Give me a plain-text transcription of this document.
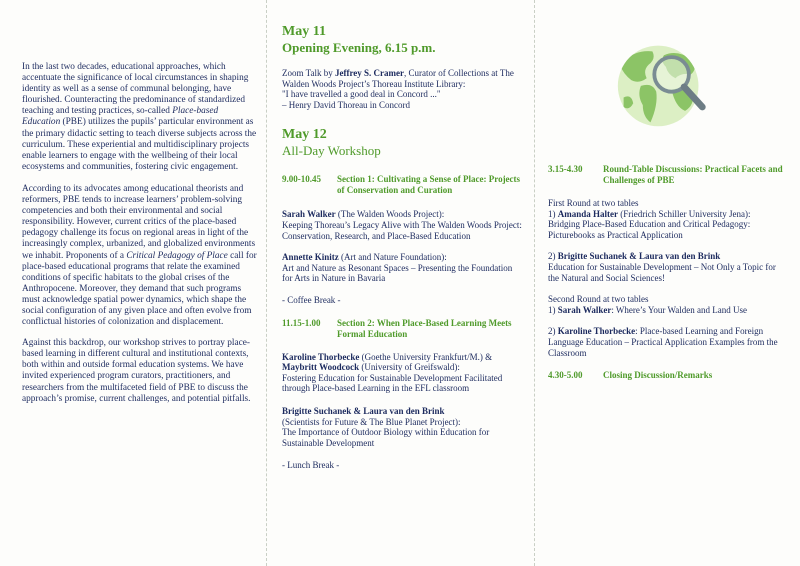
In the last two decades, educational approaches, which accentuate the significance of local circumstances in shaping identity as well as a sense of communal belonging, have flourished. Counteracting the predominance of standardized teaching and testing practices, so-called Place-based Education (PBE) utilizes the pupils’ particular environment as the primary didactic setting to teach diverse subjects across the curriculum. These experiential and multidisciplinary projects enable learners to engage with the wellbeing of their local ecosystems and communities, fostering civic engagement.

According to its advocates among educational theorists and reformers, PBE tends to increase learners’ problem-solving competencies and both their environmental and social responsibility. However, current critics of the place-based pedagogy challenge its focus on regional areas in light of the increasingly complex, urbanized, and globalized environments we inhabit. Proponents of a Critical Pedagogy of Place call for place-based educational programs that relate the examined conditions of specific habitats to the global crises of the Anthropocene. Moreover, they demand that such programs must acknowledge spatial power dynamics, which shape the social configuration of any given place and often evolve from conflictual histories of colonization and displacement.

Against this backdrop, our workshop strives to portray place-based learning in different cultural and institutional contexts, both within and outside formal education systems. We have invited experienced program curators, practitioners, and researchers from the multifaceted field of PBE to discuss the approach’s promise, current challenges, and potential pitfalls.

May 11
Opening Evening, 6.15 p.m.
Zoom Talk by Jeffrey S. Cramer, Curator of Collections at The Walden Woods Project’s Thoreau Institute Library:
"I have travelled a good deal in Concord ..."
– Henry David Thoreau in Concord
May 12
All-Day Workshop
9.00-10.45	Section 1: Cultivating a Sense of Place: Projects of Conservation and Curation
Sarah Walker (The Walden Woods Project):
Keeping Thoreau’s Legacy Alive with The Walden Woods Project: Conservation, Research, and Place-Based Education
Annette Kinitz (Art and Nature Foundation):
Art and Nature as Resonant Spaces – Presenting the Foundation for Arts in Nature in Bavaria
- Coffee Break -
11.15-1.00	Section 2: When Place-Based Learning Meets Formal Education
Karoline Thorbecke (Goethe University Frankfurt/M.) &
Maybritt Woodcock (University of Greifswald):
Fostering Education for Sustainable Development Facilitated through Place-based Learning in the EFL classroom
Brigitte Suchanek & Laura van den Brink
(Scientists for Future & The Blue Planet Project):
The Importance of Outdoor Biology within Education for Sustainable Development
- Lunch Break -
3.15-4.30	Round-Table Discussions: Practical Facets and Challenges of PBE
First Round at two tables
1) Amanda Halter (Friedrich Schiller University Jena):
Bridging Place-Based Education and Critical Pedagogy: Picturebooks as Practical Application
2) Brigitte Suchanek & Laura van den Brink
Education for Sustainable Development – Not Only a Topic for the Natural and Social Sciences!
Second Round at two tables
1) Sarah Walker: Where’s Your Walden and Land Use
2) Karoline Thorbecke: Place-based Learning and Foreign Language Education – Practical Application Examples from the Classroom
4.30-5.00	Closing Discussion/Remarks
